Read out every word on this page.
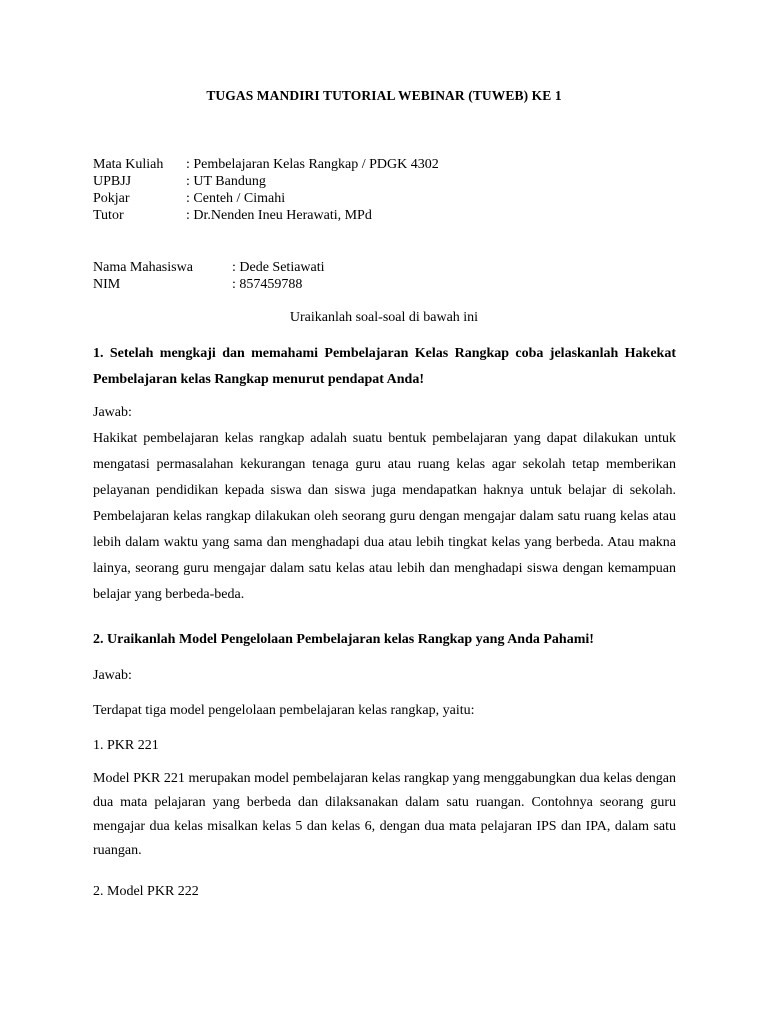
TUGAS MANDIRI TUTORIAL WEBINAR (TUWEB) KE 1
Mata Kuliah	: Pembelajaran Kelas Rangkap / PDGK 4302
UPBJJ	: UT Bandung
Pokjar	: Centeh / Cimahi
Tutor	: Dr.Nenden Ineu Herawati, MPd
Nama Mahasiswa	: Dede Setiawati
NIM	: 857459788
Uraikanlah soal-soal di bawah ini
1. Setelah mengkaji dan memahami Pembelajaran Kelas Rangkap coba jelaskanlah Hakekat Pembelajaran kelas Rangkap menurut pendapat Anda!
Jawab:
Hakikat pembelajaran kelas rangkap adalah suatu bentuk pembelajaran yang dapat dilakukan untuk mengatasi permasalahan kekurangan tenaga guru atau ruang kelas agar sekolah tetap memberikan pelayanan pendidikan kepada siswa dan siswa juga mendapatkan haknya untuk belajar di sekolah. Pembelajaran kelas rangkap dilakukan oleh seorang guru dengan mengajar dalam satu ruang kelas atau lebih dalam waktu yang sama dan menghadapi dua atau lebih tingkat kelas yang berbeda. Atau makna lainya, seorang guru mengajar dalam satu kelas atau lebih dan menghadapi siswa dengan kemampuan belajar yang berbeda-beda.
2. Uraikanlah Model Pengelolaan Pembelajaran kelas Rangkap yang Anda Pahami!
Jawab:
Terdapat tiga model pengelolaan pembelajaran kelas rangkap, yaitu:
1. PKR 221
Model PKR 221 merupakan model pembelajaran kelas rangkap yang menggabungkan dua kelas dengan dua mata pelajaran yang berbeda dan dilaksanakan dalam satu ruangan. Contohnya seorang guru mengajar dua kelas misalkan kelas 5 dan kelas 6, dengan dua mata pelajaran IPS dan IPA, dalam satu ruangan.
2. Model PKR 222
